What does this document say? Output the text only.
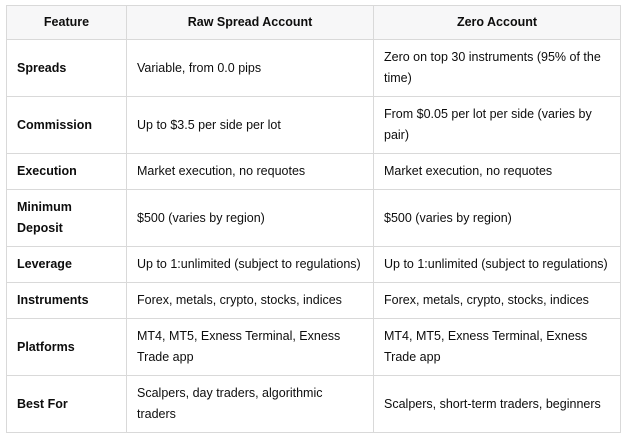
Feature	Raw Spread Account	Zero Account
Spreads	Variable, from 0.0 pips	Zero on top 30 instruments (95% of the time)
Commission	Up to $3.5 per side per lot	From $0.05 per lot per side (varies by pair)
Execution	Market execution, no requotes	Market execution, no requotes
Minimum Deposit	$500 (varies by region)	$500 (varies by region)
Leverage	Up to 1:unlimited (subject to regulations)	Up to 1:unlimited (subject to regulations)
Instruments	Forex, metals, crypto, stocks, indices	Forex, metals, crypto, stocks, indices
Platforms	MT4, MT5, Exness Terminal, Exness Trade app	MT4, MT5, Exness Terminal, Exness Trade app
Best For	Scalpers, day traders, algorithmic traders	Scalpers, short-term traders, beginners
